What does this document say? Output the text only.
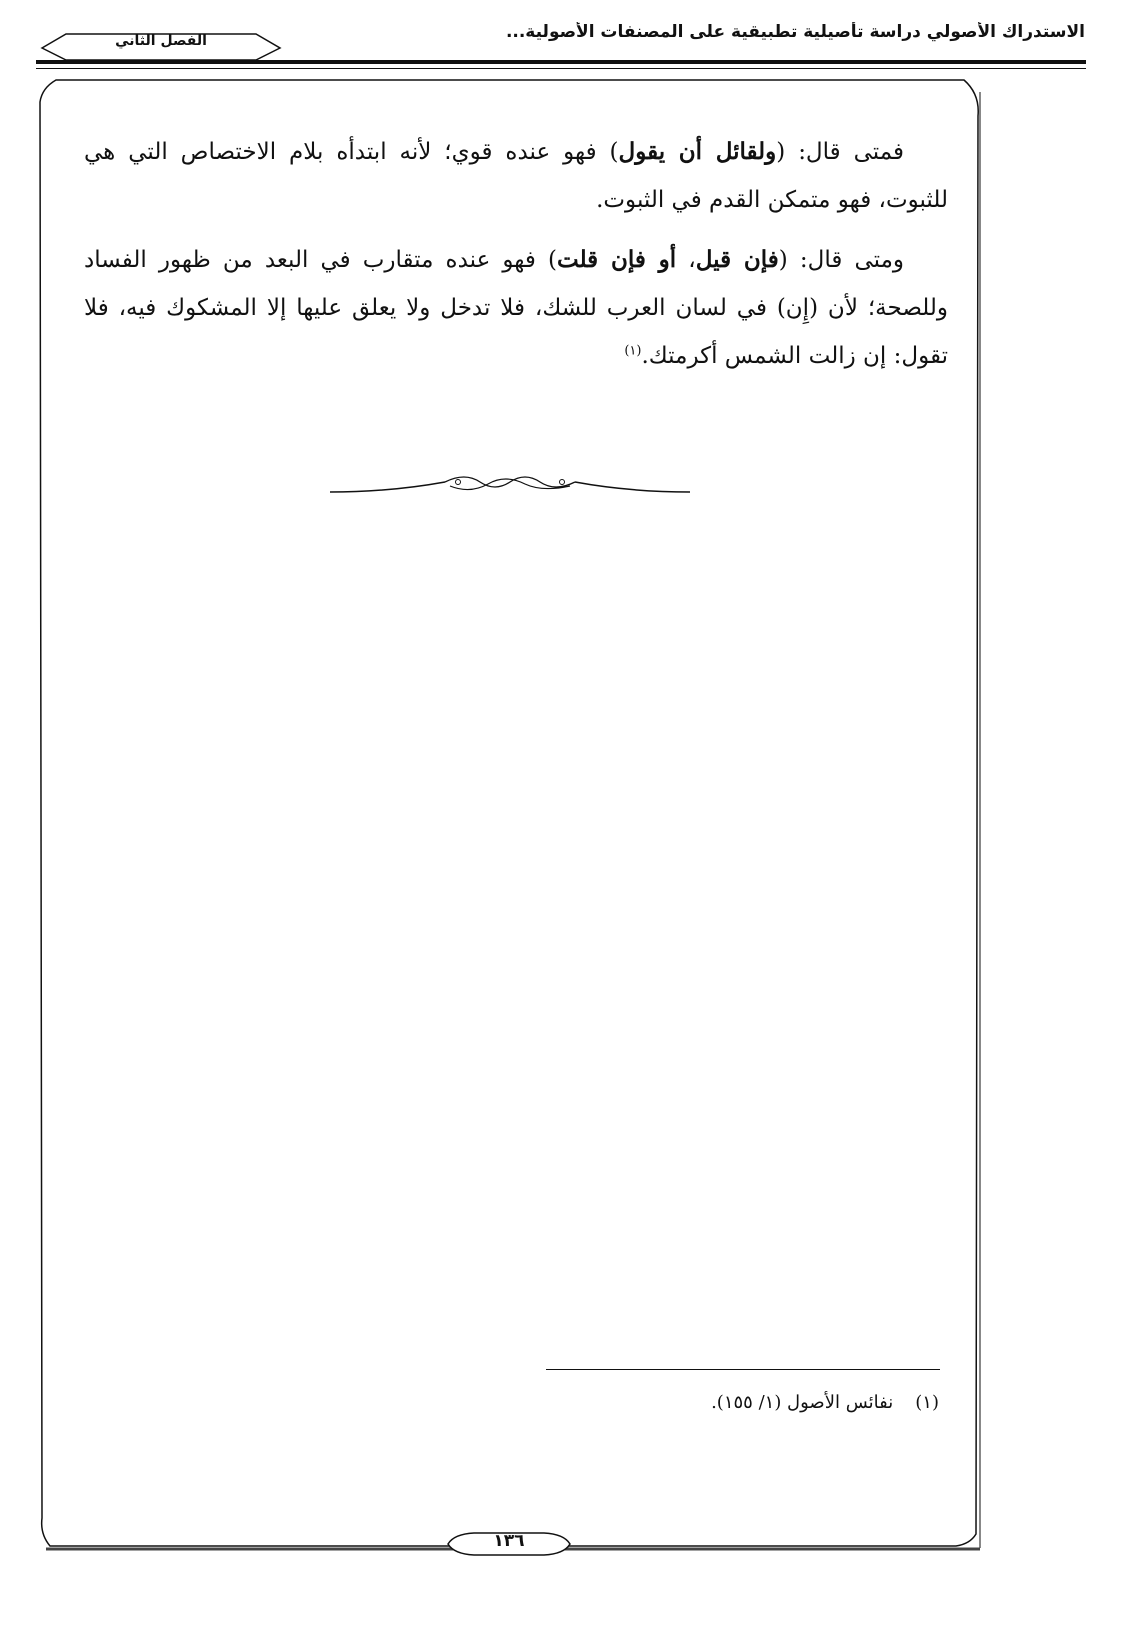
الاستدراك الأصولي دراسة تأصيلية تطبيقية على المصنفات الأصولية...
الفصل الثاني

فمتى قال: (ولقائل أن يقول) فهو عنده قوي؛ لأنه ابتدأه بلام الاختصاص التي هي للثبوت، فهو متمكن القدم في الثبوت.

ومتى قال: (فإن قيل، أو فإن قلت) فهو عنده متقارب في البعد من ظهور الفساد وللصحة؛ لأن (إِن) في لسان العرب للشك، فلا تدخل ولا يعلق عليها إلا المشكوك فيه، فلا تقول: إن زالت الشمس أكرمتك.$^{(١)}$

(١)نفائس الأصول (١/ ١٥٥).
١٣٦
